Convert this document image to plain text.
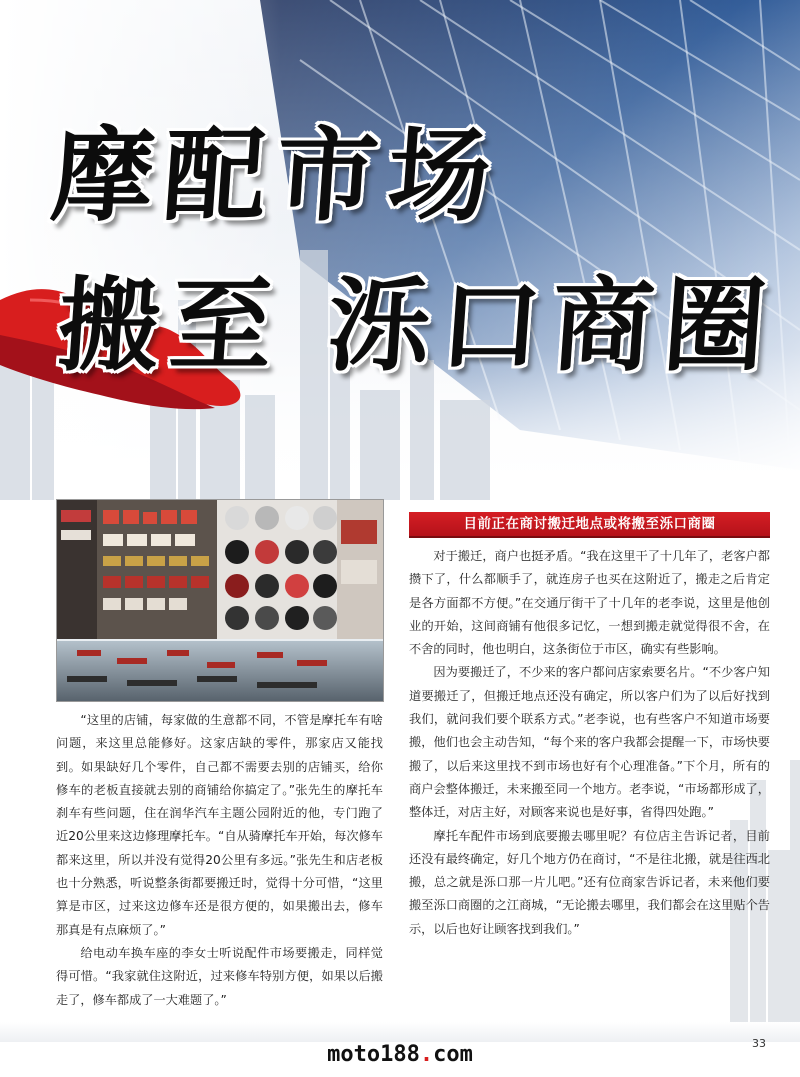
摩配市场
搬至 泺口商圈

“这里的店铺，每家做的生意都不同，不管是摩托车有啥问题，来这里总能修好。这家店缺的零件，那家店又能找到。如果缺好几个零件，自己都不需要去别的店铺买，给你修车的老板直接就去别的商铺给你搞定了。”张先生的摩托车刹车有些问题，住在润华汽车主题公园附近的他，专门跑了近20公里来这边修理摩托车。“自从骑摩托车开始，每次修车都来这里，所以并没有觉得20公里有多远。”张先生和店老板也十分熟悉，听说整条街都要搬迁时，觉得十分可惜，“这里算是市区，过来这边修车还是很方便的，如果搬出去，修车那真是有点麻烦了。”

给电动车换车座的李女士听说配件市场要搬走，同样觉得可惜。“我家就住这附近，过来修车特别方便，如果以后搬走了，修车都成了一大难题了。”

目前正在商讨搬迁地点或将搬至泺口商圈

对于搬迁，商户也挺矛盾。“我在这里干了十几年了，老客户都攒下了，什么都顺手了，就连房子也买在这附近了，搬走之后肯定是各方面都不方便。”在交通厅街干了十几年的老李说，这里是他创业的开始，这间商铺有他很多记忆，一想到搬走就觉得很不舍，在不舍的同时，他也明白，这条街位于市区，确实有些影响。

因为要搬迁了，不少来的客户都问店家索要名片。“不少客户知道要搬迁了，但搬迁地点还没有确定，所以客户们为了以后好找到我们，就问我们要个联系方式。”老李说，也有些客户不知道市场要搬，他们也会主动告知，“每个来的客户我都会提醒一下，市场快要搬了，以后来这里找不到市场也好有个心理准备。”下个月，所有的商户会整体搬迁，未来搬至同一个地方。老李说，“市场都形成了，整体迁，对店主好，对顾客来说也是好事，省得四处跑。”

摩托车配件市场到底要搬去哪里呢？有位店主告诉记者，目前还没有最终确定，好几个地方仍在商讨，“不是往北搬，就是往西北搬，总之就是泺口那一片儿吧。”还有位商家告诉记者，未来他们要搬至泺口商圈的之江商城，“无论搬去哪里，我们都会在这里贴个告示，以后也好让顾客找到我们。”

33
moto188.com
